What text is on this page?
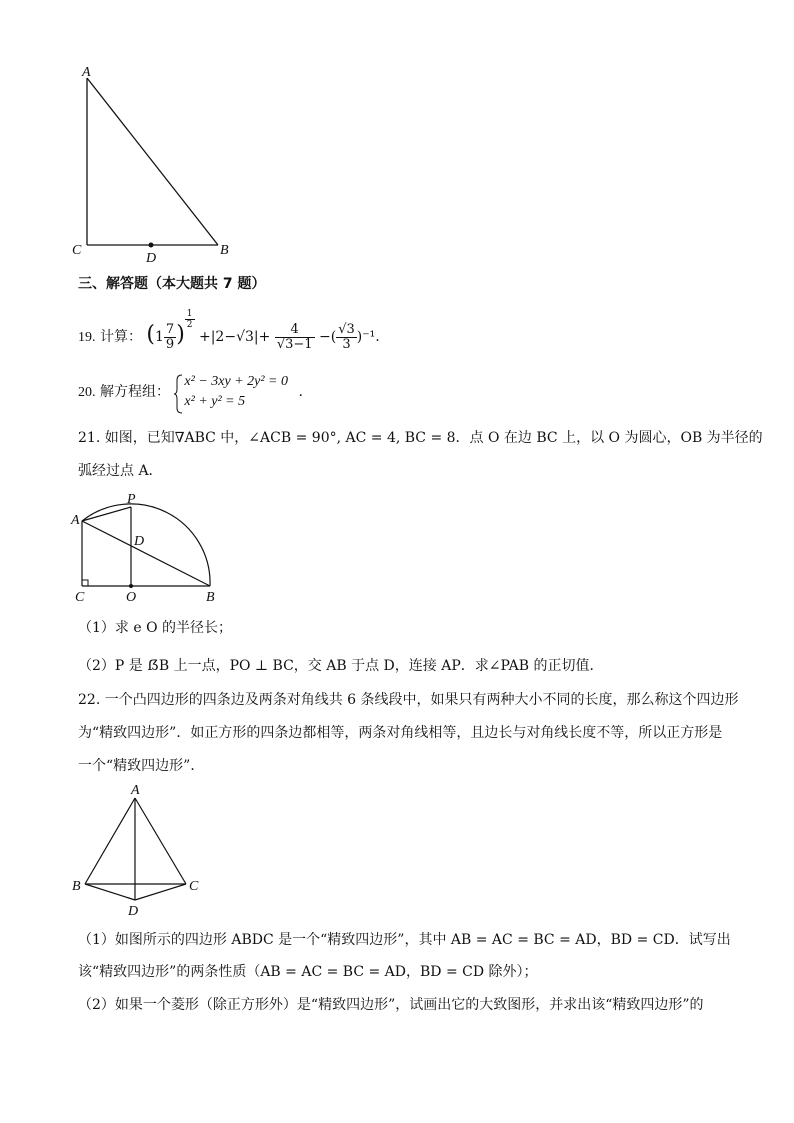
A
C	B
D
三、解答题（本大题共 7 题）
19. 计算： ($1 \frac{7}{9}$ )
$\frac{1}{2}$
$+|2-√3|+ \frac{4}{√3-1}$ −( $\frac{√3}{3} )^{-1}$.
20. 解方程组：
x² − 3xy + 2y² = 0
x² + y² = 5
.
21. 如图，已知∇ABC 中，∠ACB = 90°, AC = 4, BC = 8．点 O 在边 BC 上，以 O 为圆心，OB 为半径的
弧经过点 A．
P
A
D
C	O	B
（1）求 e O 的半径长；
（2）P 是 ẞB 上一点，PO ⊥ BC，交 AB 于点 D，连接 AP．求∠PAB 的正切值．
22. 一个凸四边形的四条边及两条对角线共 6 条线段中，如果只有两种大小不同的长度，那么称这个四边形
为“精致四边形”．如正方形的四条边都相等，两条对角线相等，且边长与对角线长度不等，所以正方形是
一个“精致四边形”．
A
B	C
D
（1）如图所示的四边形 ABDC 是一个“精致四边形”，其中 AB = AC = BC = AD，BD = CD．试写出
该“精致四边形”的两条性质（AB = AC = BC = AD，BD = CD 除外）；
（2）如果一个菱形（除正方形外）是“精致四边形”，试画出它的大致图形，并求出该“精致四边形”的
